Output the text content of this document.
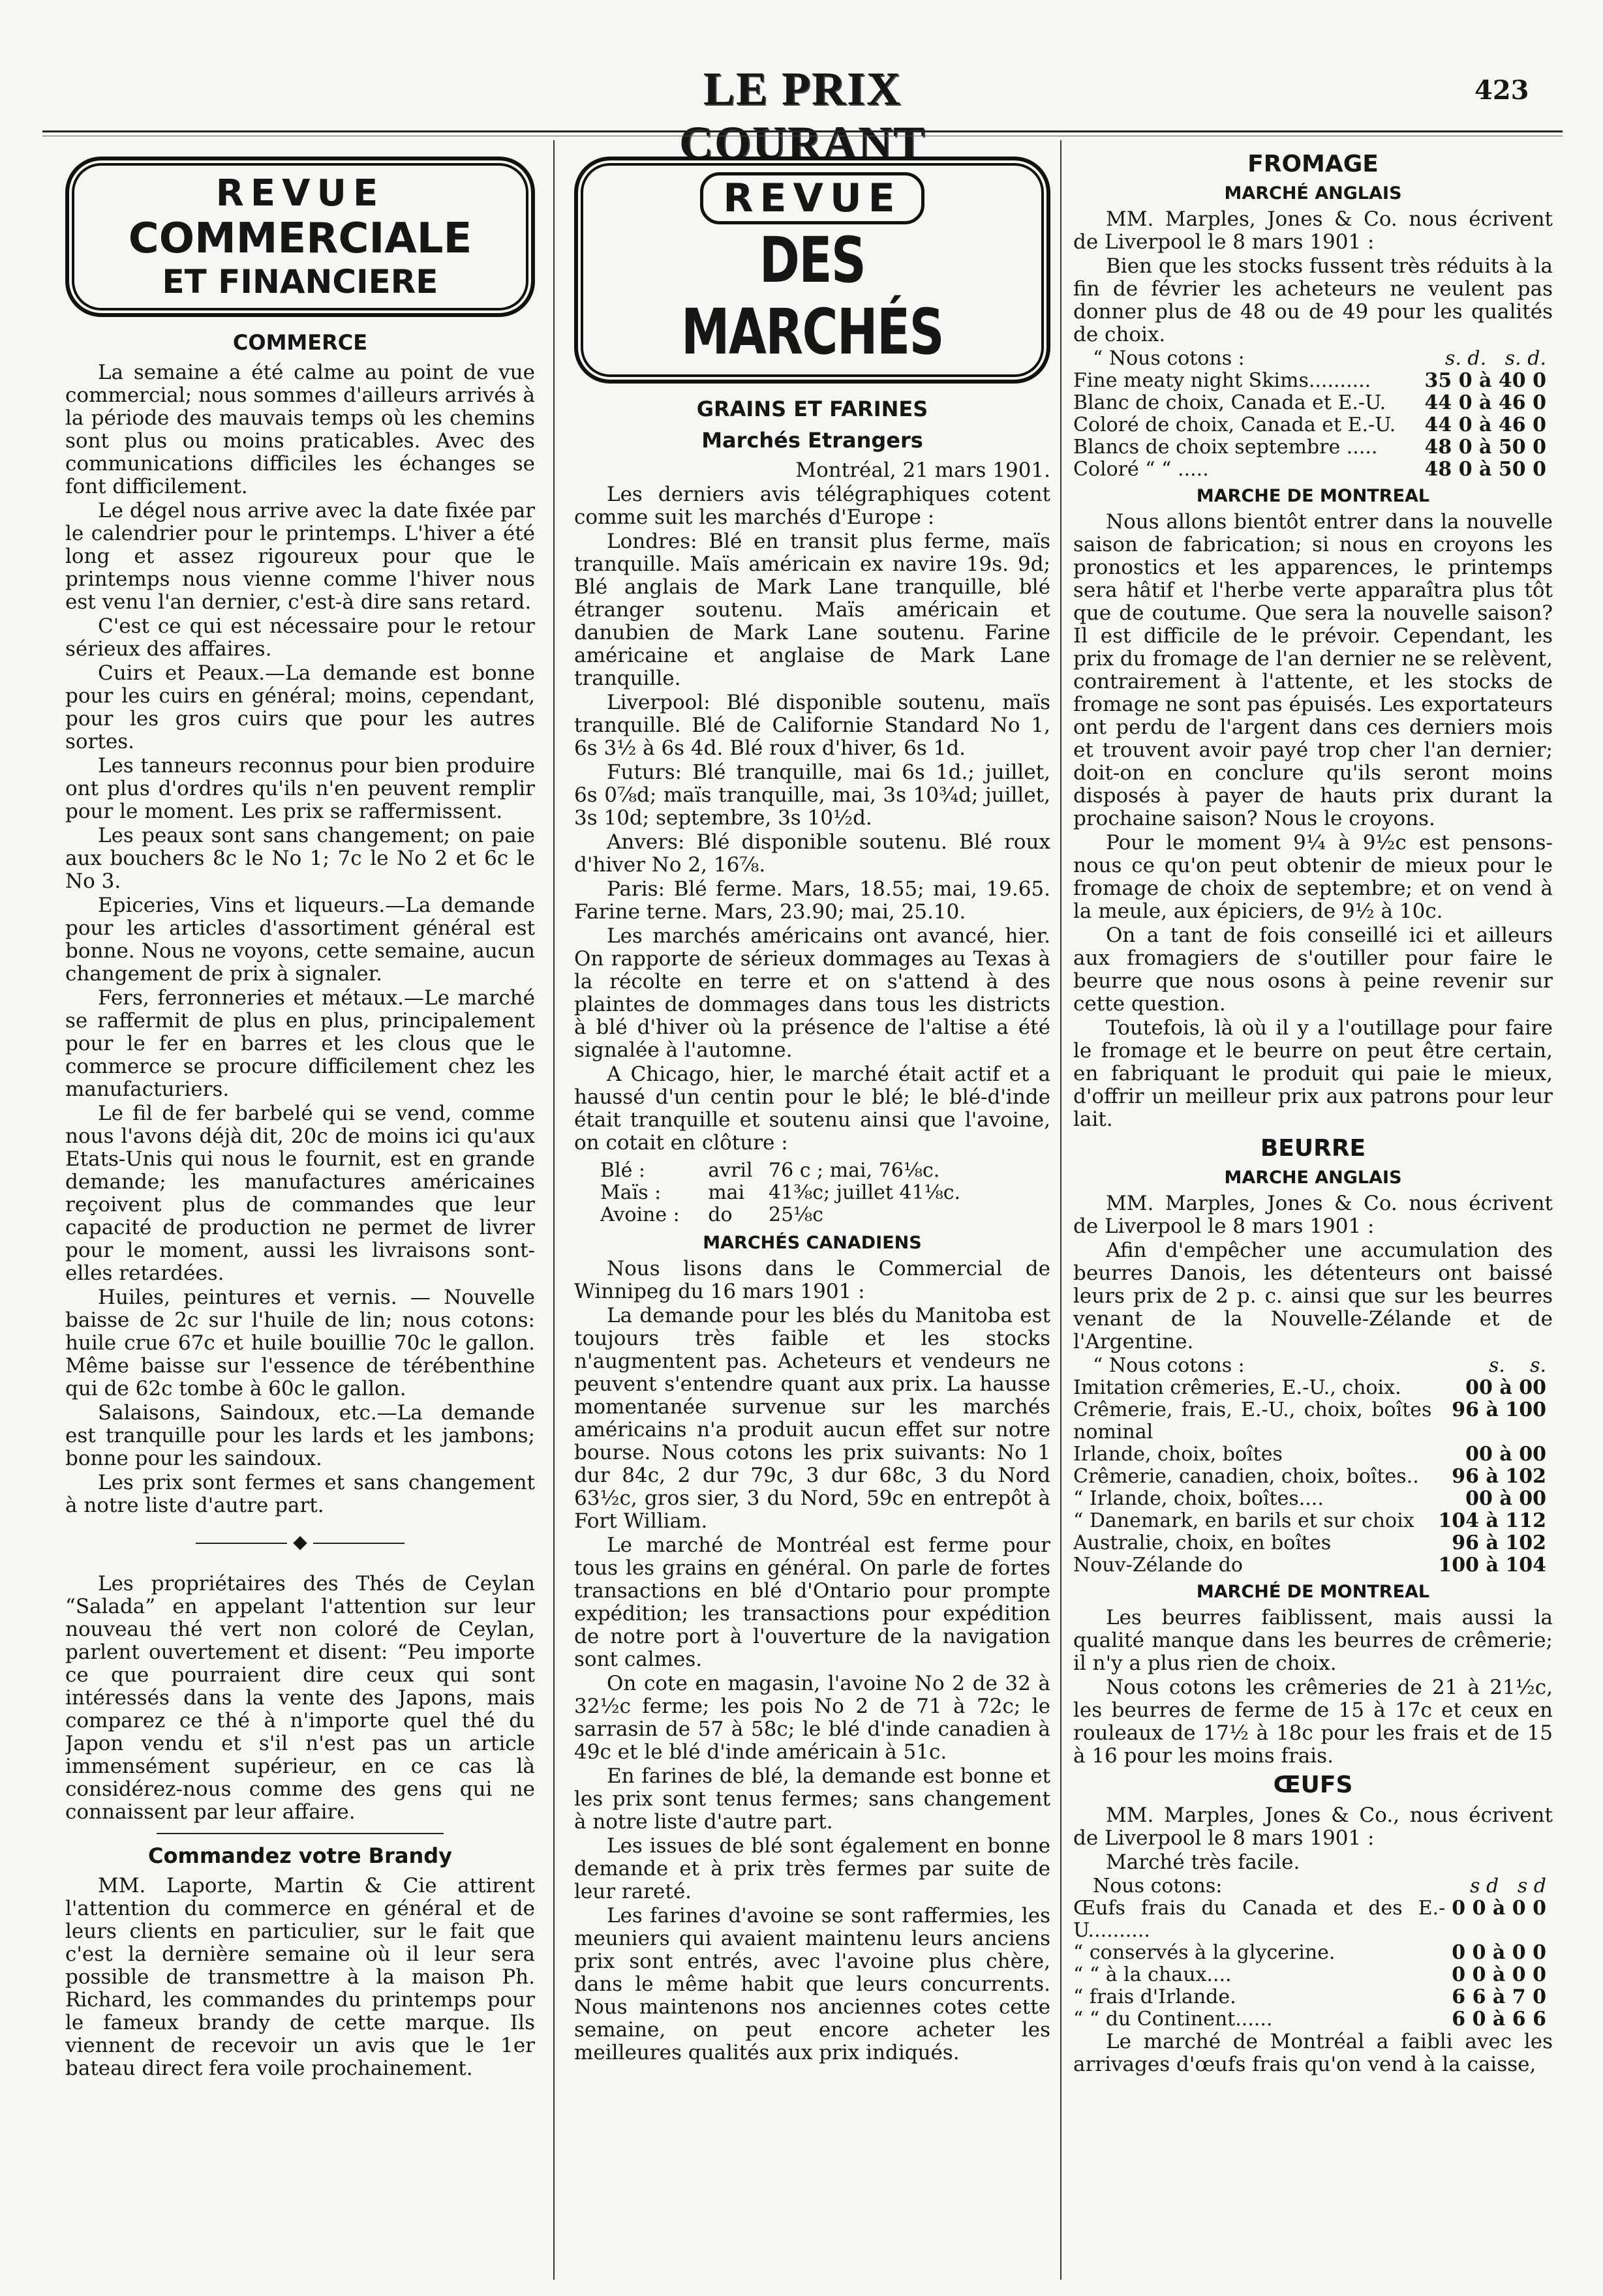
LE PRIX COURANT
423
REVUE
COMMERCIALE
ET FINANCIERE
COMMERCE

La semaine a été calme au point de vue commercial; nous sommes d'ailleurs arrivés à la période des mauvais temps où les chemins sont plus ou moins praticables. Avec des communications difficiles les échanges se font difficilement.

Le dégel nous arrive avec la date fixée par le calendrier pour le printemps. L'hiver a été long et assez rigoureux pour que le printemps nous vienne comme l'hiver nous est venu l'an dernier, c'est-à dire sans retard.

C'est ce qui est nécessaire pour le retour sérieux des affaires.

Cuirs et Peaux.—La demande est bonne pour les cuirs en général; moins, cependant, pour les gros cuirs que pour les autres sortes.

Les tanneurs reconnus pour bien produire ont plus d'ordres qu'ils n'en peuvent remplir pour le moment. Les prix se raffermissent.

Les peaux sont sans changement; on paie aux bouchers 8c le No 1; 7c le No 2 et 6c le No 3.

Epiceries, Vins et liqueurs.—La demande pour les articles d'assortiment général est bonne. Nous ne voyons, cette semaine, aucun changement de prix à signaler.

Fers, ferronneries et métaux.—Le marché se raffermit de plus en plus, principalement pour le fer en barres et les clous que le commerce se procure difficilement chez les manufacturiers.

Le fil de fer barbelé qui se vend, comme nous l'avons déjà dit, 20c de moins ici qu'aux Etats-Unis qui nous le fournit, est en grande demande; les manufactures américaines reçoivent plus de commandes que leur capacité de production ne permet de livrer pour le moment, aussi les livraisons sont-elles retardées.

Huiles, peintures et vernis. — Nouvelle baisse de 2c sur l'huile de lin; nous cotons: huile crue 67c et huile bouillie 70c le gallon. Même baisse sur l'essence de térébenthine qui de 62c tombe à 60c le gallon.

Salaisons, Saindoux, etc.—La demande est tranquille pour les lards et les jambons; bonne pour les saindoux.

Les prix sont fermes et sans changement à notre liste d'autre part.

◆

Les propriétaires des Thés de Ceylan “Salada” en appelant l'attention sur leur nouveau thé vert non coloré de Ceylan, parlent ouvertement et disent: “Peu importe ce que pourraient dire ceux qui sont intéressés dans la vente des Japons, mais comparez ce thé à n'importe quel thé du Japon vendu et s'il n'est pas un article immensément supérieur, en ce cas là considérez-nous comme des gens qui ne connaissent par leur affaire.

Commandez votre Brandy

MM. Laporte, Martin & Cie attirent l'attention du commerce en général et de leurs clients en particulier, sur le fait que c'est la dernière semaine où il leur sera possible de transmettre à la maison Ph. Richard, les commandes du printemps pour le fameux brandy de cette marque. Ils viennent de recevoir un avis que le 1er bateau direct fera voile prochainement.

REVUE
DES MARCHÉS
GRAINS ET FARINES
Marchés Etrangers

Montréal, 21 mars 1901.

Les derniers avis télégraphiques cotent comme suit les marchés d'Europe :

Londres: Blé en transit plus ferme, maïs tranquille. Maïs américain ex navire 19s. 9d; Blé anglais de Mark Lane tranquille, blé étranger soutenu. Maïs américain et danubien de Mark Lane soutenu. Farine américaine et anglaise de Mark Lane tranquille.

Liverpool: Blé disponible soutenu, maïs tranquille. Blé de Californie Standard No 1, 6s 3½ à 6s 4d. Blé roux d'hiver, 6s 1d.

Futurs: Blé tranquille, mai 6s 1d.; juillet, 6s 0⅞d; maïs tranquille, mai, 3s 10¾d; juillet, 3s 10d; septembre, 3s 10½d.

Anvers: Blé disponible soutenu. Blé roux d'hiver No 2, 16⅞.

Paris: Blé ferme. Mars, 18.55; mai, 19.65. Farine terne. Mars, 23.90; mai, 25.10.

Les marchés américains ont avancé, hier. On rapporte de sérieux dommages au Texas à la récolte en terre et on s'attend à des plaintes de dommages dans tous les districts à blé d'hiver où la présence de l'altise a été signalée à l'automne.

A Chicago, hier, le marché était actif et a haussé d'un centin pour le blé; le blé-d'inde était tranquille et soutenu ainsi que l'avoine, on cotait en clôture :

Blé :	avril	76 c ; mai, 76⅛c.
Maïs :	mai	41⅜c; juillet 41⅛c.
Avoine :	do	25⅛c
MARCHÉS CANADIENS

Nous lisons dans le Commercial de Winnipeg du 16 mars 1901 :

La demande pour les blés du Manitoba est toujours très faible et les stocks n'augmentent pas. Acheteurs et vendeurs ne peuvent s'entendre quant aux prix. La hausse momentanée survenue sur les marchés américains n'a produit aucun effet sur notre bourse. Nous cotons les prix suivants: No 1 dur 84c, 2 dur 79c, 3 dur 68c, 3 du Nord 63½c, gros sier, 3 du Nord, 59c en entrepôt à Fort William.

Le marché de Montréal est ferme pour tous les grains en général. On parle de fortes transactions en blé d'Ontario pour prompte expédition; les transactions pour expédition de notre port à l'ouverture de la navigation sont calmes.

On cote en magasin, l'avoine No 2 de 32 à 32½c ferme; les pois No 2 de 71 à 72c; le sarrasin de 57 à 58c; le blé d'inde canadien à 49c et le blé d'inde américain à 51c.

En farines de blé, la demande est bonne et les prix sont tenus fermes; sans changement à notre liste d'autre part.

Les issues de blé sont également en bonne demande et à prix très fermes par suite de leur rareté.

Les farines d'avoine se sont raffermies, les meuniers qui avaient maintenu leurs anciens prix sont entrés, avec l'avoine plus chère, dans le même habit que leurs concurrents. Nous maintenons nos anciennes cotes cette semaine, on peut encore acheter les meilleures qualités aux prix indiqués.

FROMAGE
MARCHÉ ANGLAIS

MM. Marples, Jones & Co. nous écrivent de Liverpool le 8 mars 1901 :

Bien que les stocks fussent très réduits à la fin de février les acheteurs ne veulent pas donner plus de 48 ou de 49 pour les qualités de choix.

“ Nous cotons :	s. d. s. d.
Fine meaty night Skims..........	35 0 à 40 0
Blanc de choix, Canada et E.-U.	44 0 à 46 0
Coloré de choix, Canada et E.-U.	44 0 à 46 0
Blancs de choix septembre .....	48 0 à 50 0
Coloré “ “ .....	48 0 à 50 0
MARCHE DE MONTREAL

Nous allons bientôt entrer dans la nouvelle saison de fabrication; si nous en croyons les pronostics et les apparences, le printemps sera hâtif et l'herbe verte apparaîtra plus tôt que de coutume. Que sera la nouvelle saison? Il est difficile de le prévoir. Cependant, les prix du fromage de l'an dernier ne se relèvent, contrairement à l'attente, et les stocks de fromage ne sont pas épuisés. Les exportateurs ont perdu de l'argent dans ces derniers mois et trouvent avoir payé trop cher l'an dernier; doit-on en conclure qu'ils seront moins disposés à payer de hauts prix durant la prochaine saison? Nous le croyons.

Pour le moment 9¼ à 9½c est pensons-nous ce qu'on peut obtenir de mieux pour le fromage de choix de septembre; et on vend à la meule, aux épiciers, de 9½ à 10c.

On a tant de fois conseillé ici et ailleurs aux fromagiers de s'outiller pour faire le beurre que nous osons à peine revenir sur cette question.

Toutefois, là où il y a l'outillage pour faire le fromage et le beurre on peut être certain, en fabriquant le produit qui paie le mieux, d'offrir un meilleur prix aux patrons pour leur lait.

BEURRE
MARCHE ANGLAIS

MM. Marples, Jones & Co. nous écrivent de Liverpool le 8 mars 1901 :

Afin d'empêcher une accumulation des beurres Danois, les détenteurs ont baissé leurs prix de 2 p. c. ainsi que sur les beurres venant de la Nouvelle-Zélande et de l'Argentine.

“ Nous cotons :	s. s.
Imitation crêmeries, E.-U., choix.	00 à 00
Crêmerie, frais, E.-U., choix, boîtes nominal	96 à 100
Irlande, choix, boîtes	00 à 00
Crêmerie, canadien, choix, boîtes..	96 à 102
“ Irlande, choix, boîtes....	00 à 00
“ Danemark, en barils et sur choix	104 à 112
Australie, choix, en boîtes	96 à 102
Nouv-Zélande do	100 à 104
MARCHÉ DE MONTREAL

Les beurres faiblissent, mais aussi la qualité manque dans les beurres de crêmerie; il n'y a plus rien de choix.

Nous cotons les crêmeries de 21 à 21½c, les beurres de ferme de 15 à 17c et ceux en rouleaux de 17½ à 18c pour les frais et de 15 à 16 pour les moins frais.

ŒUFS

MM. Marples, Jones & Co., nous écrivent de Liverpool le 8 mars 1901 :

Marché très facile.

Nous cotons:	s d s d
Œufs frais du Canada et des E.-U..........	0 0 à 0 0
“ conservés à la glycerine.	0 0 à 0 0
“ “ à la chaux....	0 0 à 0 0
“ frais d'Irlande.	6 6 à 7 0
“ “ du Continent......	6 0 à 6 6

Le marché de Montréal a faibli avec les arrivages d'œufs frais qu'on vend à la caisse,
